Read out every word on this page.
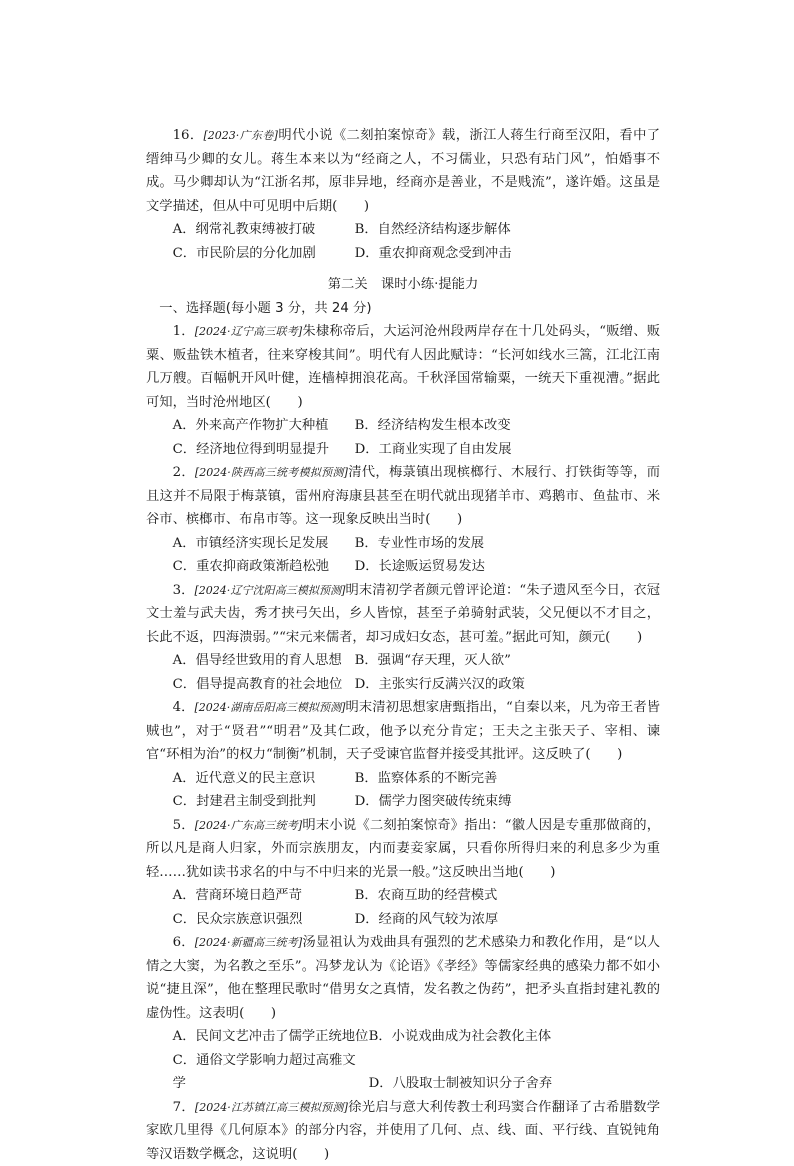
16．[2023·广东卷]明代小说《二刻拍案惊奇》载，浙江人蒋生行商至汉阳，看中了缙绅马少卿的女儿。蒋生本来以为“经商之人，不习儒业，只恐有玷门风”，怕婚事不成。马少卿却认为“江浙名邦，原非异地，经商亦是善业，不是贱流”，遂许婚。这虽是文学描述，但从中可见明中后期(　　)

A．纲常礼教束缚被打破	B．自然经济结构逐步解体
C．市民阶层的分化加剧	D．重农抑商观念受到冲击
第二关　课时小练·提能力
一、选择题(每小题 3 分，共 24 分)

1．[2024·辽宁高三联考]朱棣称帝后，大运河沧州段两岸存在十几处码头，“贩缯、贩粟、贩盐铁木植者，往来穿梭其间”。明代有人因此赋诗：“长河如线水三篙，江北江南几万艘。百幅帆开风叶健，连樯棹拥浪花高。千秋泽国常输粟，一统天下重视漕。”据此可知，当时沧州地区(　　)

A．外来高产作物扩大种植 B．经济结构发生根本改变
C．经济地位得到明显提升 D．工商业实现了自由发展

2．[2024·陕西高三统考模拟预测]清代，梅菉镇出现槟榔行、木屐行、打铁街等等，而且这并不局限于梅菉镇，雷州府海康县甚至在明代就出现猪羊市、鸡鹅市、鱼盐市、米谷市、槟榔市、布帛市等。这一现象反映出当时(　　)

A．市镇经济实现长足发展 B．专业性市场的发展
C．重农抑商政策渐趋松弛 D．长途贩运贸易发达

3．[2024·辽宁沈阳高三模拟预测]明末清初学者颜元曾评论道：“朱子遗风至今日，衣冠文士羞与武夫齿，秀才挟弓矢出，乡人皆惊，甚至子弟骑射武装，父兄便以不才目之，长此不返，四海溃弱。”“宋元来儒者，却习成妇女态，甚可羞。”据此可知，颜元(　　)

A．倡导经世致用的育人思想 B．强调“存天理，灭人欲”
C．倡导提高教育的社会地位 D．主张实行反满兴汉的政策

4．[2024·湖南岳阳高三模拟预测]明末清初思想家唐甄指出，“自秦以来，凡为帝王者皆贼也”，对于“贤君”“明君”及其仁政，他予以充分肯定；王夫之主张天子、宰相、谏官“环相为治”的权力“制衡”机制，天子受谏官监督并接受其批评。这反映了(　　)

A．近代意义的民主意识	B．监察体系的不断完善
C．封建君主制受到批判	D．儒学力图突破传统束缚

5．[2024·广东高三统考]明末小说《二刻拍案惊奇》指出：“徽人因是专重那做商的，所以凡是商人归家，外而宗族朋友，内而妻妾家属，只看你所得归来的利息多少为重轻……犹如读书求名的中与不中归来的光景一般。”这反映出当地(　　)

A．营商环境日趋严苛	B．农商互助的经营模式
C．民众宗族意识强烈	D．经商的风气较为浓厚

6．[2024·新疆高三统考]汤显祖认为戏曲具有强烈的艺术感染力和教化作用，是“以人情之大窦，为名教之至乐”。冯梦龙认为《论语》《孝经》等儒家经典的感染力都不如小说“捷且深”，他在整理民歌时“借男女之真情，发名教之伪药”，把矛头直指封建礼教的虚伪性。这表明(　　)

A．民间文艺冲击了儒学正统地位B．小说戏曲成为社会教化主体
C．通俗文学影响力超过高雅文学	D．八股取士制被知识分子舍弃

7．[2024·江苏镇江高三模拟预测]徐光启与意大利传教士利玛窦合作翻译了古希腊数学家欧几里得《几何原本》的部分内容，并使用了几何、点、线、面、平行线、直锐钝角等汉语数学概念，这说明(　　)
